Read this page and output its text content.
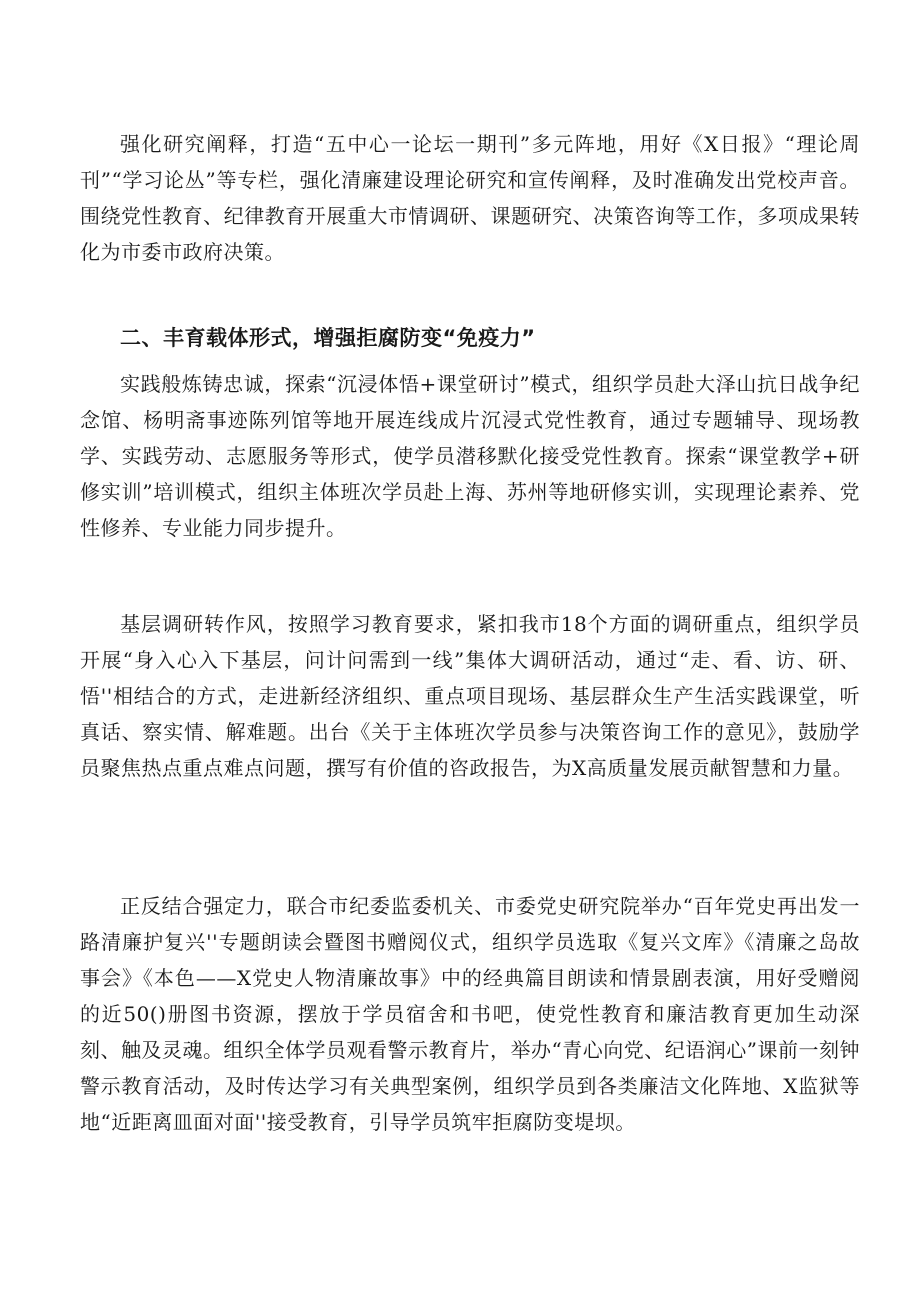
强化研究阐释，打造“五中心一论坛一期刊”多元阵地，用好《X日报》“理论周刊”“学习论丛”等专栏，强化清廉建设理论研究和宣传阐释，及时准确发出党校声音。围绕党性教育、纪律教育开展重大市情调研、课题研究、决策咨询等工作，多项成果转化为市委市政府决策。

二、丰育载体形式，增强拒腐防变“免疫力”

实践般炼铸忠诚，探索“沉浸体悟+课堂研讨”模式，组织学员赴大泽山抗日战争纪念馆、杨明斋事迹陈列馆等地开展连线成片沉浸式党性教育，通过专题辅导、现场教学、实践劳动、志愿服务等形式，使学员潜移默化接受党性教育。探索“课堂教学+研修实训”培训模式，组织主体班次学员赴上海、苏州等地研修实训，实现理论素养、党性修养、专业能力同步提升。

基层调研转作风，按照学习教育要求，紧扣我市18个方面的调研重点，组织学员开展“身入心入下基层，问计问需到一线”集体大调研活动，通过“走、看、访、研、悟''相结合的方式，走进新经济组织、重点项目现场、基层群众生产生活实践课堂，听真话、察实情、解难题。出台《关于主体班次学员参与决策咨询工作的意见》，鼓励学员聚焦热点重点难点问题，撰写有价值的咨政报告，为X高质量发展贡献智慧和力量。

正反结合强定力，联合市纪委监委机关、市委党史研究院举办“百年党史再出发一路清廉护复兴''专题朗读会暨图书赠阅仪式，组织学员选取《复兴文库》《清廉之岛故事会》《本色——X党史人物清廉故事》中的经典篇目朗读和情景剧表演，用好受赠阅的近50()册图书资源，摆放于学员宿舍和书吧，使党性教育和廉洁教育更加生动深刻、触及灵魂。组织全体学员观看警示教育片，举办“青心向党、纪语润心”课前一刻钟警示教育活动，及时传达学习有关典型案例，组织学员到各类廉洁文化阵地、X监狱等地“近距离皿面对面''接受教育，引导学员筑牢拒腐防变堤坝。
